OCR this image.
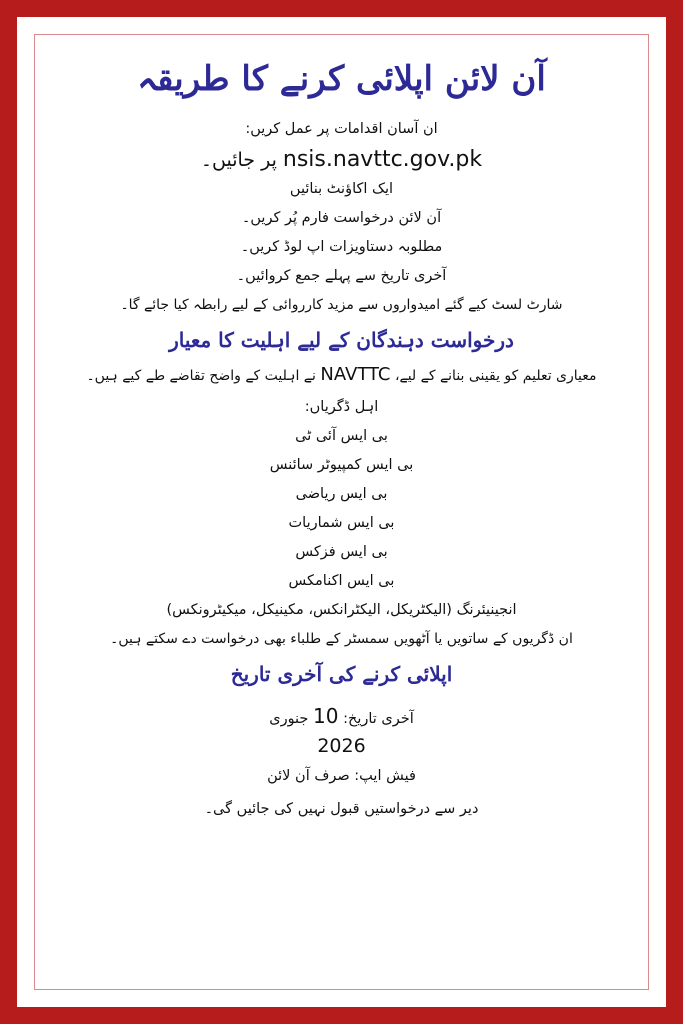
آن لائن اپلائی کرنے کا طریقہ

ان آسان اقدامات پر عمل کریں:

nsis.navttc.gov.pk پر جائیں۔

ایک اکاؤنٹ بنائیں

آن لائن درخواست فارم پُر کریں۔

مطلوبہ دستاویزات اپ لوڈ کریں۔

آخری تاریخ سے پہلے جمع کروائیں۔

شارٹ لسٹ کیے گئے امیدواروں سے مزید کارروائی کے لیے رابطہ کیا جائے گا۔

درخواست دہندگان کے لیے اہلیت کا معیار

معیاری تعلیم کو یقینی بنانے کے لیے، NAVTTC نے اہلیت کے واضح تقاضے طے کیے ہیں۔

اہل ڈگریاں:

بی ایس آئی ٹی

بی ایس کمپیوٹر سائنس

بی ایس ریاضی

بی ایس شماریات

بی ایس فزکس

بی ایس اکنامکس

انجینیئرنگ (الیکٹریکل، الیکٹرانکس، مکینیکل، میکیٹرونکس)

ان ڈگریوں کے ساتویں یا آٹھویں سمسٹر کے طلباء بھی درخواست دے سکتے ہیں۔

اپلائی کرنے کی آخری تاریخ

آخری تاریخ: 10 جنوری

2026

فیش ایپ: صرف آن لائن

دیر سے درخواستیں قبول نہیں کی جائیں گی۔
